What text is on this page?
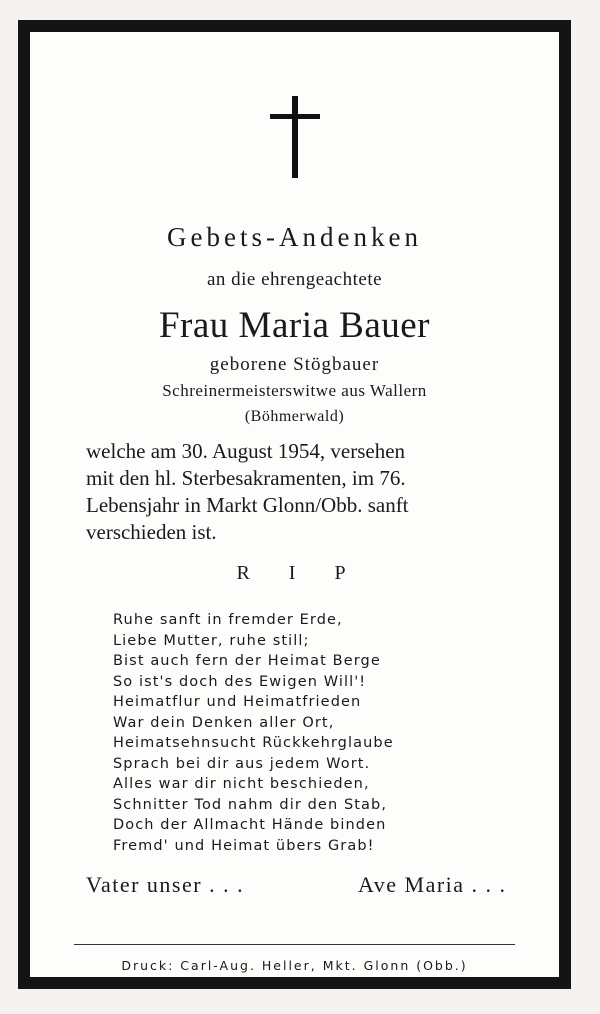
Gebets-Andenken
an die ehrengeachtete
Frau Maria Bauer
geborene Stögbauer
Schreinermeisterswitwe aus Wallern
(Böhmerwald)
welche am 30. August 1954, versehen
mit den hl. Sterbesakramenten, im 76.
Lebensjahr in Markt Glonn/Obb. sanft
verschieden ist.
R I P
Ruhe sanft in fremder Erde,
Liebe Mutter, ruhe still;
Bist auch fern der Heimat Berge
So ist's doch des Ewigen Will'!
Heimatflur und Heimatfrieden
War dein Denken aller Ort,
Heimatsehnsucht Rückkehrglaube
Sprach bei dir aus jedem Wort.
Alles war dir nicht beschieden,
Schnitter Tod nahm dir den Stab,
Doch der Allmacht Hände binden
Fremd' und Heimat übers Grab!
Vater unser . . .	Ave Maria . . .
Druck: Carl-Aug. Heller, Mkt. Glonn (Obb.)
